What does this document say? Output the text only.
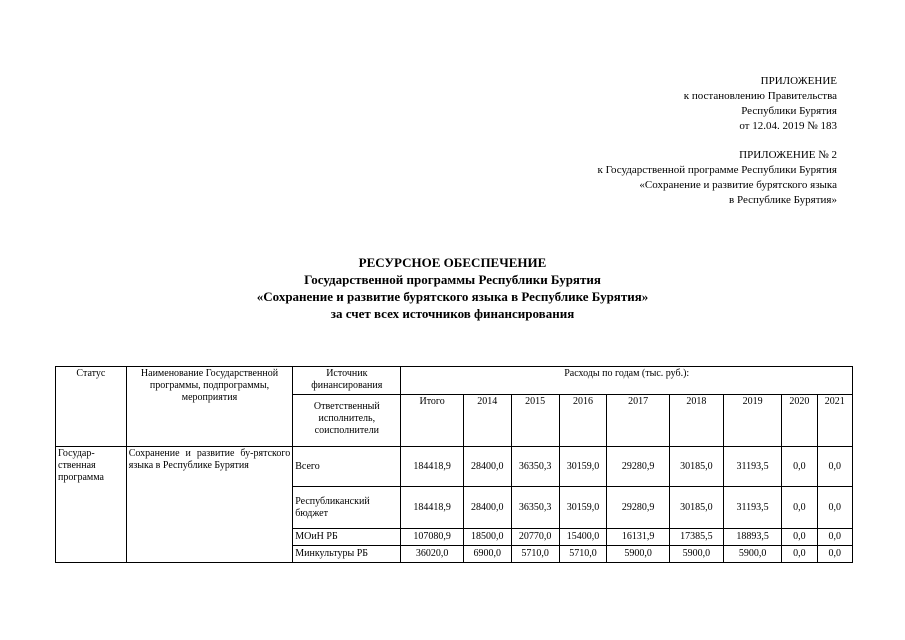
ПРИЛОЖЕНИЕ
к постановлению Правительства
Республики Бурятия
от 12.04. 2019 № 183
ПРИЛОЖЕНИЕ № 2
к Государственной программе Республики Бурятия
«Сохранение и развитие бурятского языка
в Республике Бурятия»
РЕСУРСНОЕ ОБЕСПЕЧЕНИЕ
Государственной программы Республики Бурятия
«Сохранение и развитие бурятского языка в Республике Бурятия»
за счет всех источников финансирования
Статус	Наименование Государственной программы, подпрограммы, мероприятия	Источник финансирования	Расходы по годам (тыс. руб.):								
		Ответственный исполнитель, соисполнители	Итого	2014	2015	2016	2017	2018	2019	2020	2021
Государ-ственная программа	Сохранение и развитие бу-рятского языка в Республике Бурятия	Всего	184418,9	28400,0	36350,3	30159,0	29280,9	30185,0	31193,5	0,0	0,0
		Республиканский бюджет	184418,9	28400,0	36350,3	30159,0	29280,9	30185,0	31193,5	0,0	0,0
		МОиН РБ	107080,9	18500,0	20770,0	15400,0	16131,9	17385,5	18893,5	0,0	0,0
		Минкультуры РБ	36020,0	6900,0	5710,0	5710,0	5900,0	5900,0	5900,0	0,0	0,0
